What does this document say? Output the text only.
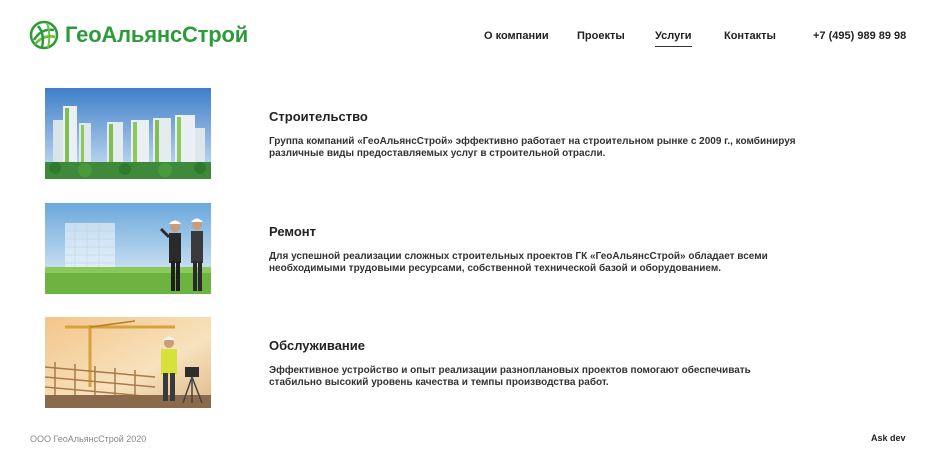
ГеоАльянсСтрой	О компании	Проекты	Услуги	Контакты	+7 (495) 989 89 98
Строительство
Группа компаний «ГеоАльянсСтрой» эффективно работает на строительном рынке с 2009 г., комбинируя различные виды предоставляемых услуг в строительной отрасли.
Ремонт
Для успешной реализации сложных строительных проектов ГК «ГеоАльянсСтрой» обладает всеми необходимыми трудовыми ресурсами, собственной технической базой и оборудованием.
Обслуживание
Эффективное устройство и опыт реализации разноплановых проектов помогают обеспечивать стабильно высокий уровень качества и темпы производства работ.
ООО ГеоАльянсСтрой 2020	Ask dev
